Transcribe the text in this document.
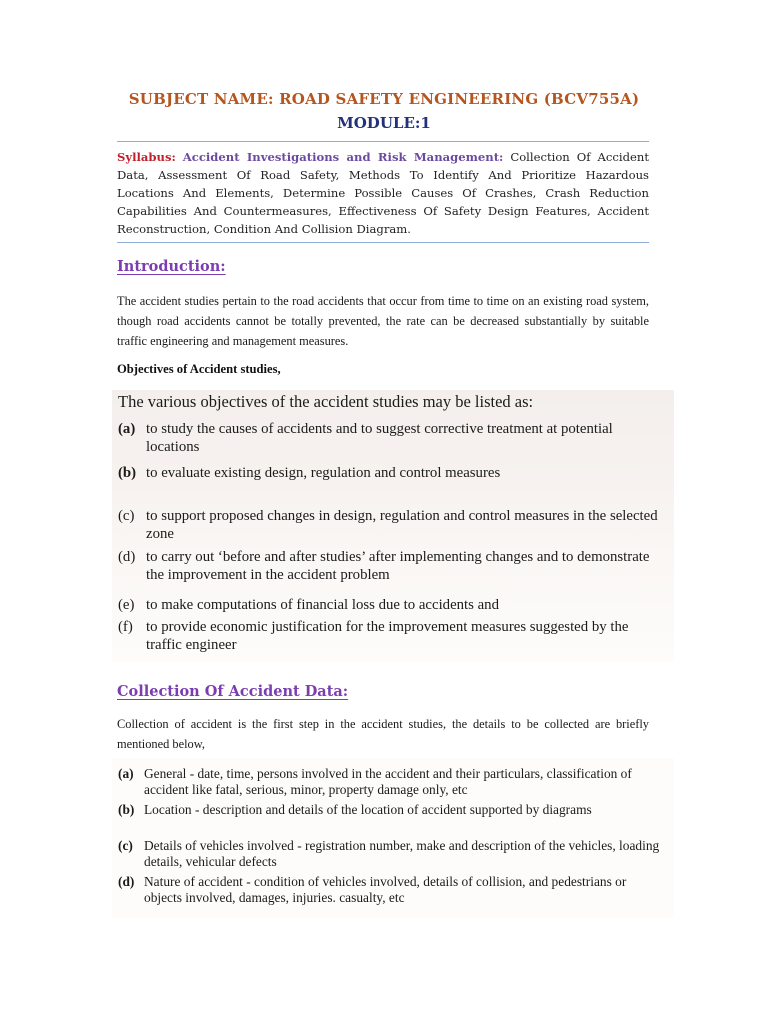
SUBJECT NAME: ROAD SAFETY ENGINEERING (BCV755A)
MODULE:1
Syllabus: Accident Investigations and Risk Management: Collection Of Accident Data, Assessment Of Road Safety, Methods To Identify And Prioritize Hazardous Locations And Elements, Determine Possible Causes Of Crashes, Crash Reduction Capabilities And Countermeasures, Effectiveness Of Safety Design Features, Accident Reconstruction, Condition And Collision Diagram.
Introduction:
The accident studies pertain to the road accidents that occur from time to time on an existing road system, though road accidents cannot be totally prevented, the rate can be decreased substantially by suitable traffic engineering and management measures.
Objectives of Accident studies,
The various objectives of the accident studies may be listed as:
(a) to study the causes of accidents and to suggest corrective treatment at potential locations
(b) to evaluate existing design, regulation and control measures
(c) to support proposed changes in design, regulation and control measures in the selected zone
(d) to carry out ‘before and after studies’ after implementing changes and to demonstrate the improvement in the accident problem
(e) to make computations of financial loss due to accidents and
(f) to provide economic justification for the improvement measures suggested by the traffic engineer
Collection Of Accident Data:
Collection of accident is the first step in the accident studies, the details to be collected are briefly mentioned below,
(a) General - date, time, persons involved in the accident and their particulars, classification of accident like fatal, serious, minor, property damage only, etc
(b) Location - description and details of the location of accident supported by diagrams
(c) Details of vehicles involved - registration number, make and description of the vehicles, loading details, vehicular defects
(d) Nature of accident - condition of vehicles involved, details of collision, and pedestrians or objects involved, damages, injuries. casualty, etc
